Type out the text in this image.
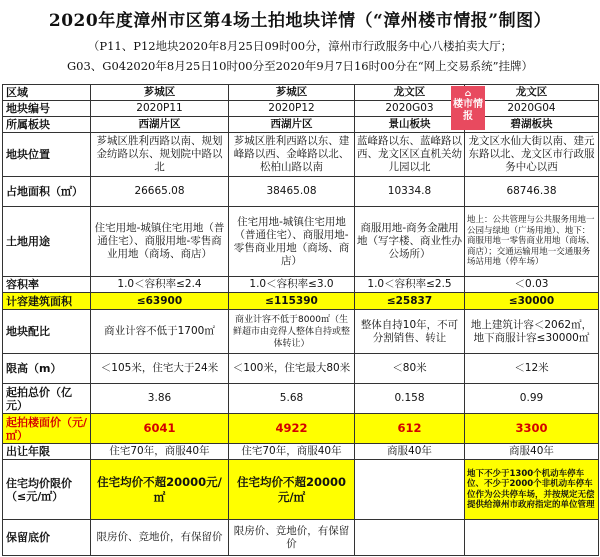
2020年度漳州市区第4场土拍地块详情（“漳州楼市情报”制图）
（P11、P12地块2020年8月25日09时00分，漳州市行政服务中心八楼拍卖大厅；
G03、G042020年8月25日10时00分至2020年9月7日16时00分在“网上交易系统”挂牌）
区域	芗城区	芗城区	龙文区	龙文区
地块编号	2020P11	2020P12	2020G03	2020G04
所属板块	西湖片区	西湖片区	景山板块	碧湖板块
地块位置	芗城区胜利西路以南、规划金纺路以东、规划院中路以北	芗城区胜利西路以东、建峰路以西、金峰路以北、松柏山路以南	蓝峰路以东、蓝峰路以西、龙文区区直机关幼儿园以北	龙文区水仙大街以南、建元东路以北、龙文区市行政服务中心以西
占地面积（㎡）	26665.08	38465.08	10334.8	68746.38
土地用途	住宅用地-城镇住宅用地（普通住宅）、商服用地-零售商业用地（商场、商店）	住宅用地-城镇住宅用地（普通住宅）、商服用地-零售商业用地（商场、商店）	商服用地-商务金融用地（写字楼、商业性办公场所）	地上：公共管理与公共服务用地一公园与绿地（广场用地）、地下：商服用地一零售商业用地（商场、商店）；交通运输用地一交通服务场站用地（停车场）
容积率	1.0＜容积率≤2.4	1.0＜容积率≤3.0	1.0＜容积率≤2.5	＜0.03
计容建筑面积	≤63900	≤115390	≤25837	≤30000
地块配比	商业计容不低于1700㎡	商业计容不低于8000㎡（生鲜超市由竞得人整体自持或整体转让）	整体自持10年，不可分割销售、转让	地上建筑计容＜2062㎡，地下商服计容≤30000㎡
限高（m）	＜105米，住宅大于24米	＜100米，住宅最大80米	＜80米	＜12米
起拍总价（亿元）	3.86	5.68	0.158	0.99
起拍楼面价（元/㎡）	6041	4922	612	3300
出让年限	住宅70年，商服40年	住宅70年，商服40年	商服40年	商服40年
住宅均价限价（≤元/㎡）	住宅均价不超20000元/㎡	住宅均价不超20000元/㎡		地下不少于1300个机动车停车位、不少于2000个非机动车停车位作为公共停车场，并按规定无偿提供给漳州市政府指定的单位管理
保留底价	限房价、竞地价，有保留价	限房价、竞地价，有保留价		
⌂
楼市情报
